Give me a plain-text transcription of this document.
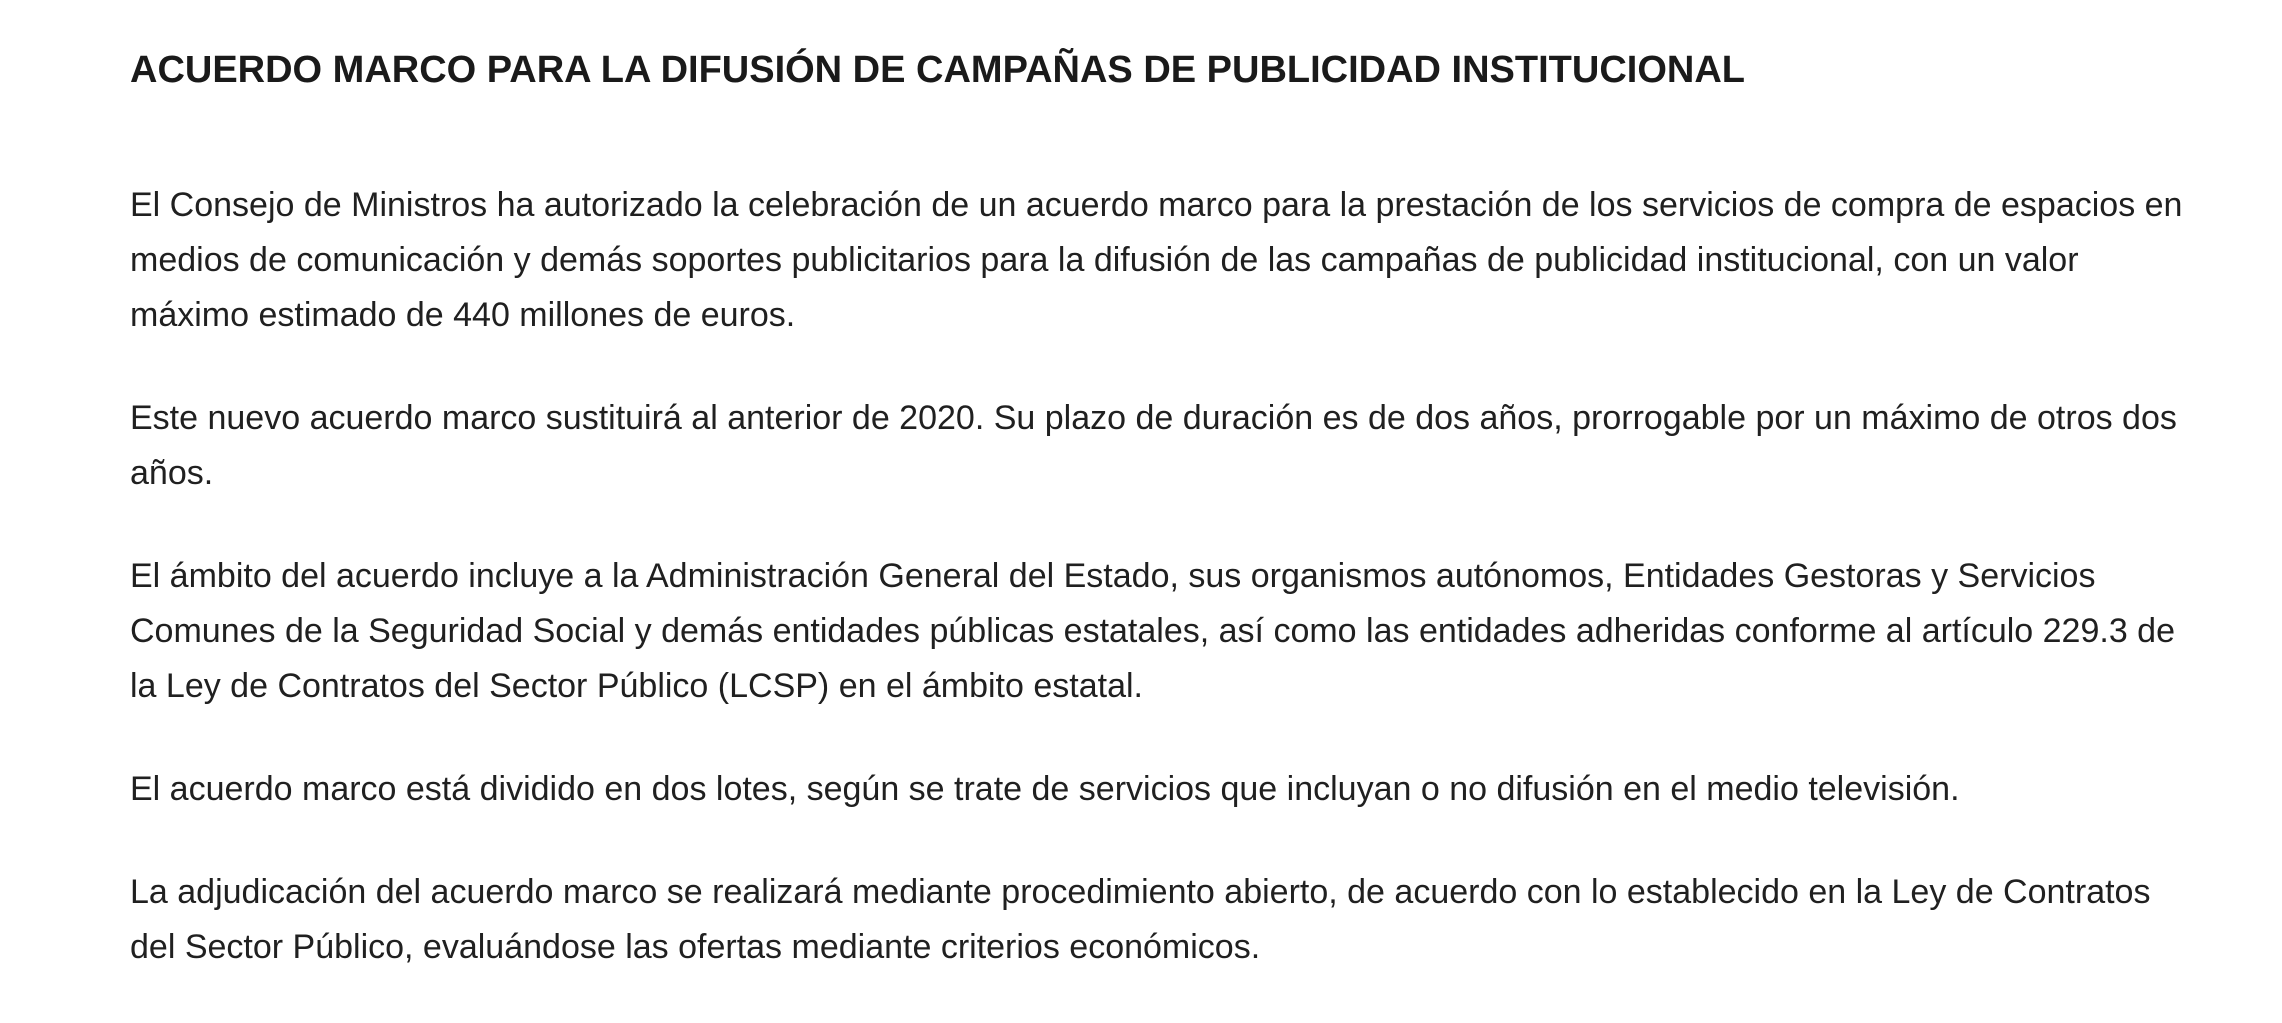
ACUERDO MARCO PARA LA DIFUSIÓN DE CAMPAÑAS DE PUBLICIDAD INSTITUCIONAL

El Consejo de Ministros ha autorizado la celebración de un acuerdo marco para la prestación de los servicios de compra de espacios en medios de comunicación y demás soportes publicitarios para la difusión de las campañas de publicidad institucional, con un valor máximo estimado de 440 millones de euros.

Este nuevo acuerdo marco sustituirá al anterior de 2020. Su plazo de duración es de dos años, prorrogable por un máximo de otros dos años.

El ámbito del acuerdo incluye a la Administración General del Estado, sus organismos autónomos, Entidades Gestoras y Servicios Comunes de la Seguridad Social y demás entidades públicas estatales, así como las entidades adheridas conforme al artículo 229.3 de la Ley de Contratos del Sector Público (LCSP) en el ámbito estatal.

El acuerdo marco está dividido en dos lotes, según se trate de servicios que incluyan o no difusión en el medio televisión.

La adjudicación del acuerdo marco se realizará mediante procedimiento abierto, de acuerdo con lo establecido en la Ley de Contratos del Sector Público, evaluándose las ofertas mediante criterios económicos.
